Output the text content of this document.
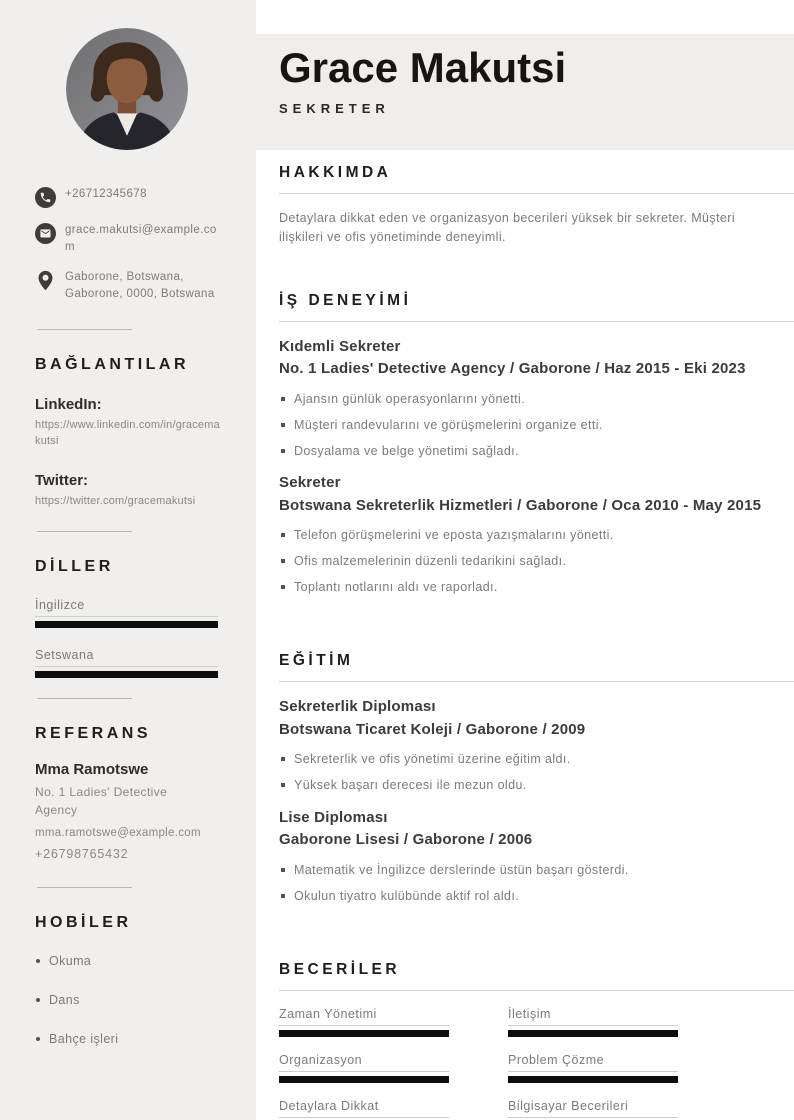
+26712345678
grace.makutsi@example.com
Gaborone, Botswana, Gaborone, 0000, Botswana
BAĞLANTILAR

LinkedIn:

https://www.linkedin.com/in/gracemakutsi

Twitter:

https://twitter.com/gracemakutsi

DİLLER
İngilizce
Setswana
REFERANS

Mma Ramotswe

No. 1 Ladies' Detective Agency

mma.ramotswe@example.com

+26798765432

HOBİLER
Okuma
Dans
Bahçe işleri
Grace Makutsi
SEKRETER
HAKKIMDA

Detaylara dikkat eden ve organizasyon becerileri yüksek bir sekreter. Müşteri ilişkileri ve ofis yönetiminde deneyimli.

İŞ DENEYİMİ

Kıdemli Sekreter

No. 1 Ladies' Detective Agency / Gaborone / Haz 2015 - Eki 2023

Ajansın günlük operasyonlarını yönetti.
Müşteri randevularını ve görüşmelerini organize etti.
Dosyalama ve belge yönetimi sağladı.

Sekreter

Botswana Sekreterlik Hizmetleri / Gaborone / Oca 2010 - May 2015

Telefon görüşmelerini ve eposta yazışmalarını yönetti.
Ofis malzemelerinin düzenli tedarikini sağladı.
Toplantı notlarını aldı ve raporladı.
EĞİTİM

Sekreterlik Diploması

Botswana Ticaret Koleji / Gaborone / 2009

Sekreterlik ve ofis yönetimi üzerine eğitim aldı.
Yüksek başarı derecesi ile mezun oldu.

Lise Diploması

Gaborone Lisesi / Gaborone / 2006

Matematik ve İngilizce derslerinde üstün başarı gösterdi.
Okulun tiyatro kulübünde aktif rol aldı.
BECERİLER
Zaman Yönetimi	İletişim
Organizasyon	Problem Çözme
Detaylara Dikkat	Bilgisayar Becerileri
